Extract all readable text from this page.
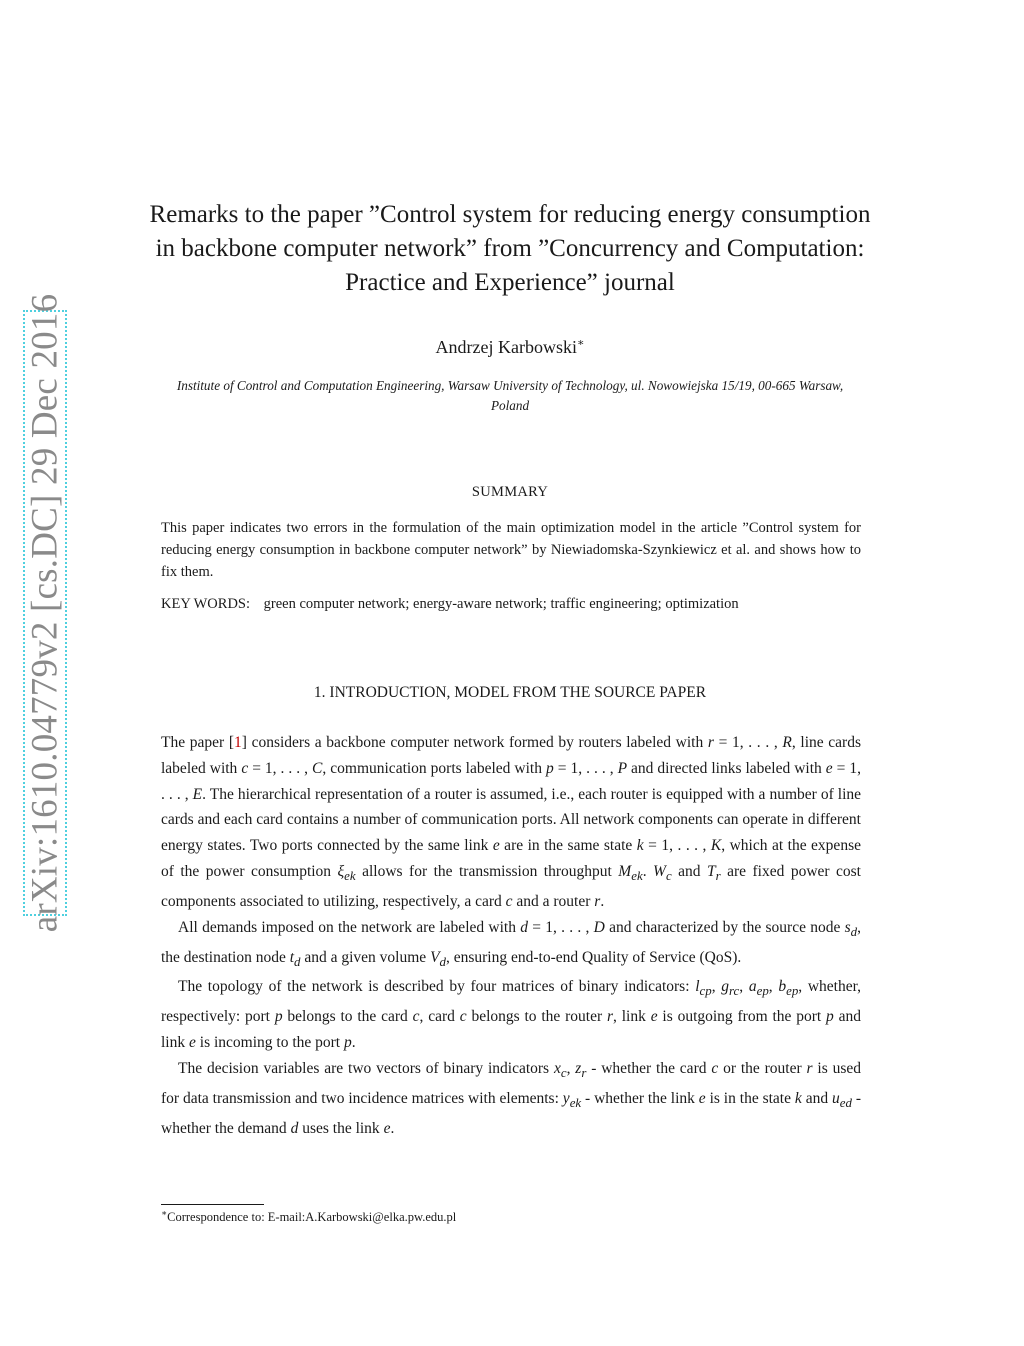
arXiv:1610.04779v2 [cs.DC] 29 Dec 2016
Remarks to the paper ”Control system for reducing energy consumption in backbone computer network” from ”Concurrency and Computation: Practice and Experience” journal
Andrzej Karbowski∗
Institute of Control and Computation Engineering, Warsaw University of Technology, ul. Nowowiejska 15/19, 00-665 Warsaw, Poland
SUMMARY
This paper indicates two errors in the formulation of the main optimization model in the article ”Control system for reducing energy consumption in backbone computer network” by Niewiadomska-Szynkiewicz et al. and shows how to fix them.
KEY WORDS: green computer network; energy-aware network; traffic engineering; optimization
1. INTRODUCTION, MODEL FROM THE SOURCE PAPER

The paper [1] considers a backbone computer network formed by routers labeled with r = 1, . . . , R, line cards labeled with c = 1, . . . , C, communication ports labeled with p = 1, . . . , P and directed links labeled with e = 1, . . . , E. The hierarchical representation of a router is assumed, i.e., each router is equipped with a number of line cards and each card contains a number of communication ports. All network components can operate in different energy states. Two ports connected by the same link e are in the same state k = 1, . . . , K, which at the expense of the power consumption $\xi_{ek}$ allows for the transmission throughput $M_{ek}$. $W_c$ and $T_r$ are fixed power cost components associated to utilizing, respectively, a card c and a router r.

All demands imposed on the network are labeled with d = 1, . . . , D and characterized by the source node $s_d$, the destination node $t_d$ and a given volume $V_d$, ensuring end-to-end Quality of Service (QoS).

The topology of the network is described by four matrices of binary indicators: $l_{cp}$, $g_{rc}$, $a_{ep}$, $b_{ep}$, whether, respectively: port p belongs to the card c, card c belongs to the router r, link e is outgoing from the port p and link e is incoming to the port p.

The decision variables are two vectors of binary indicators $x_c$, $z_r$ - whether the card c or the router r is used for data transmission and two incidence matrices with elements: $y_{ek}$ - whether the link e is in the state k and $u_{ed}$ - whether the demand d uses the link e.

∗Correspondence to: E-mail:A.Karbowski@elka.pw.edu.pl
